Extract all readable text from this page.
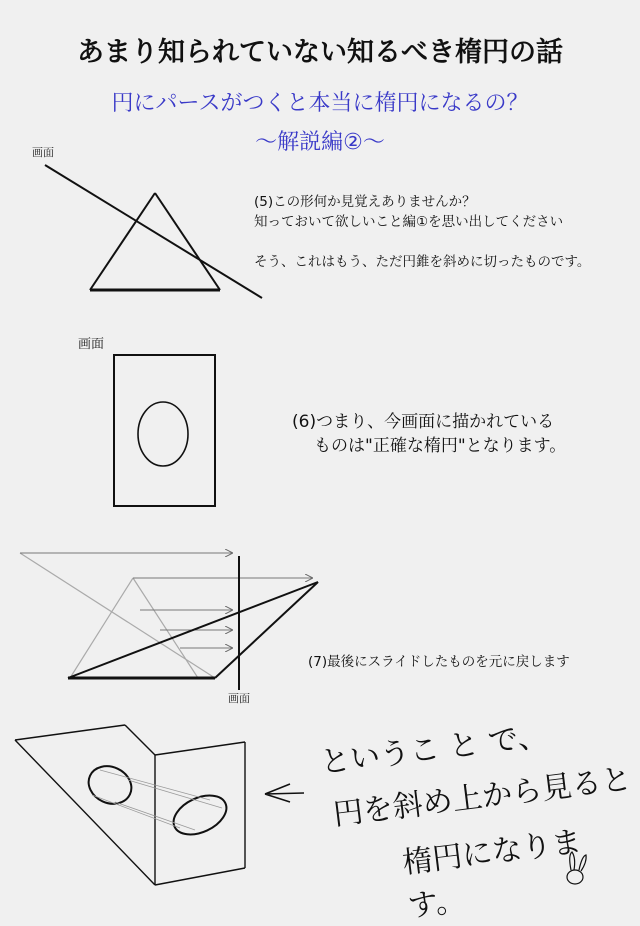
あまり知られていない知るべき楕円の話
円にパースがつくと本当に楕円になるの？
〜解説編②〜
画面
(5)この形何か見覚えありませんか？
知っておいて欲しいこと編①を思い出してください
そう、これはもう、ただ円錐を斜めに切ったものです。
画面
(6)つまり、今画面に描かれている
ものは"正確な楕円"となります。
画面
(7)最後にスライドしたものを元に戻します
というこ と で、
円を斜め上から見ると
楕円になります。
